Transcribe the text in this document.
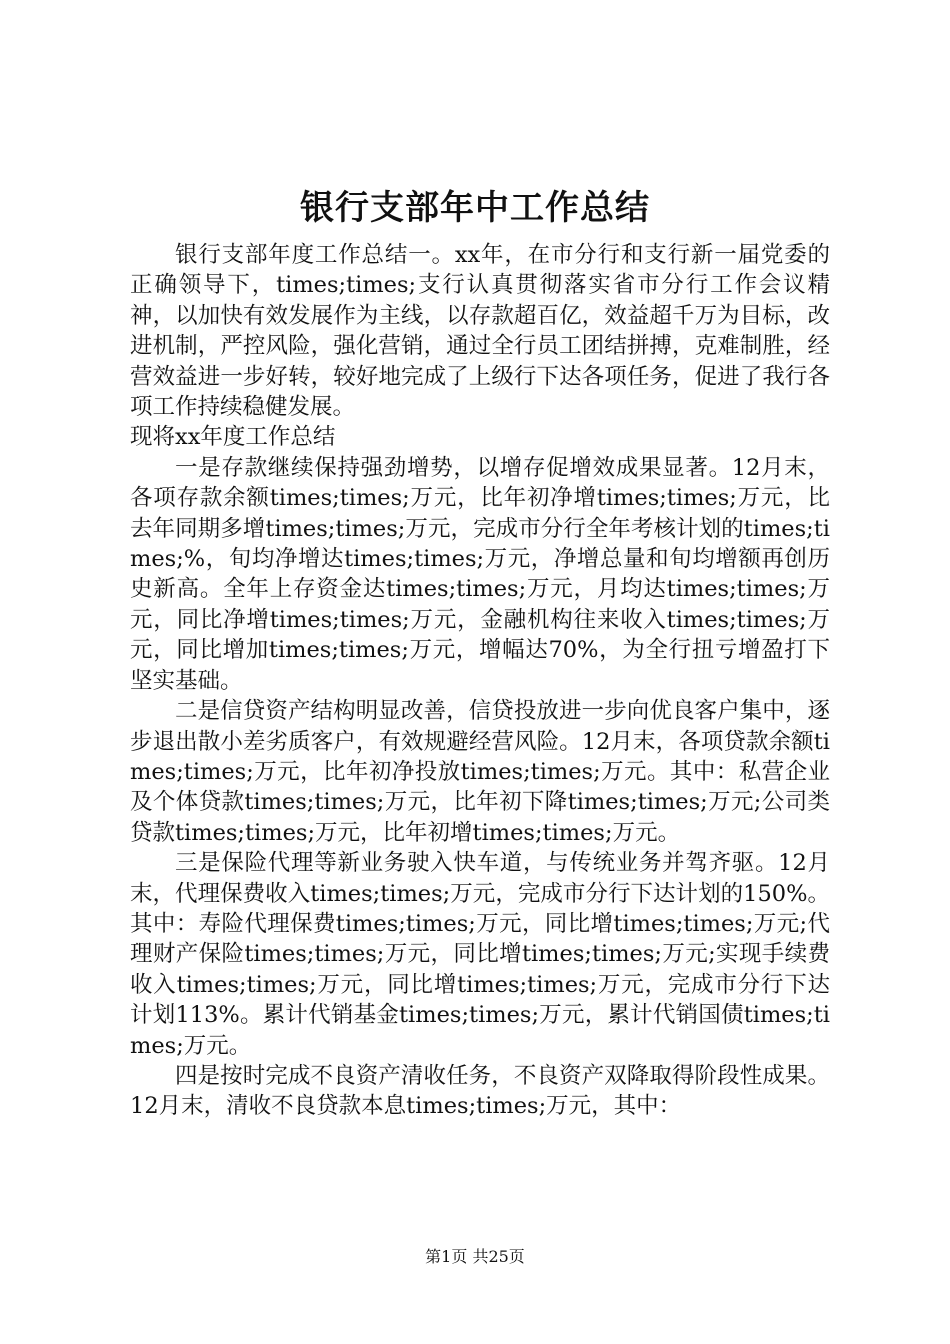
银行支部年中工作总结

银行支部年度工作总结一。xx年，在市分行和支行新一届党委的正确领导下，times;times;支行认真贯彻落实省市分行工作会议精神，以加快有效发展作为主线，以存款超百亿，效益超千万为目标，改进机制，严控风险，强化营销，通过全行员工团结拼搏，克难制胜，经营效益进一步好转，较好地完成了上级行下达各项任务，促进了我行各项工作持续稳健发展。

现将xx年度工作总结

一是存款继续保持强劲增势，以增存促增效成果显著。12月末，各项存款余额times;times;万元，比年初净增times;times;万元，比去年同期多增times;times;万元，完成市分行全年考核计划的times;times;%，旬均净增达times;times;万元，净增总量和旬均增额再创历史新高。全年上存资金达times;times;万元，月均达times;times;万元，同比净增times;times;万元，金融机构往来收入times;times;万元，同比增加times;times;万元，增幅达70%，为全行扭亏增盈打下坚实基础。

二是信贷资产结构明显改善，信贷投放进一步向优良客户集中，逐步退出散小差劣质客户，有效规避经营风险。12月末，各项贷款余额times;times;万元，比年初净投放times;times;万元。其中：私营企业及个体贷款times;times;万元，比年初下降times;times;万元;公司类贷款times;times;万元，比年初增times;times;万元。

三是保险代理等新业务驶入快车道，与传统业务并驾齐驱。12月末，代理保费收入times;times;万元，完成市分行下达计划的150%。其中：寿险代理保费times;times;万元，同比增times;times;万元;代理财产保险times;times;万元，同比增times;times;万元;实现手续费收入times;times;万元，同比增times;times;万元，完成市分行下达计划113%。累计代销基金times;times;万元，累计代销国债times;times;万元。

四是按时完成不良资产清收任务，不良资产双降取得阶段性成果。12月末，清收不良贷款本息times;times;万元，其中：

第1页 共25页
